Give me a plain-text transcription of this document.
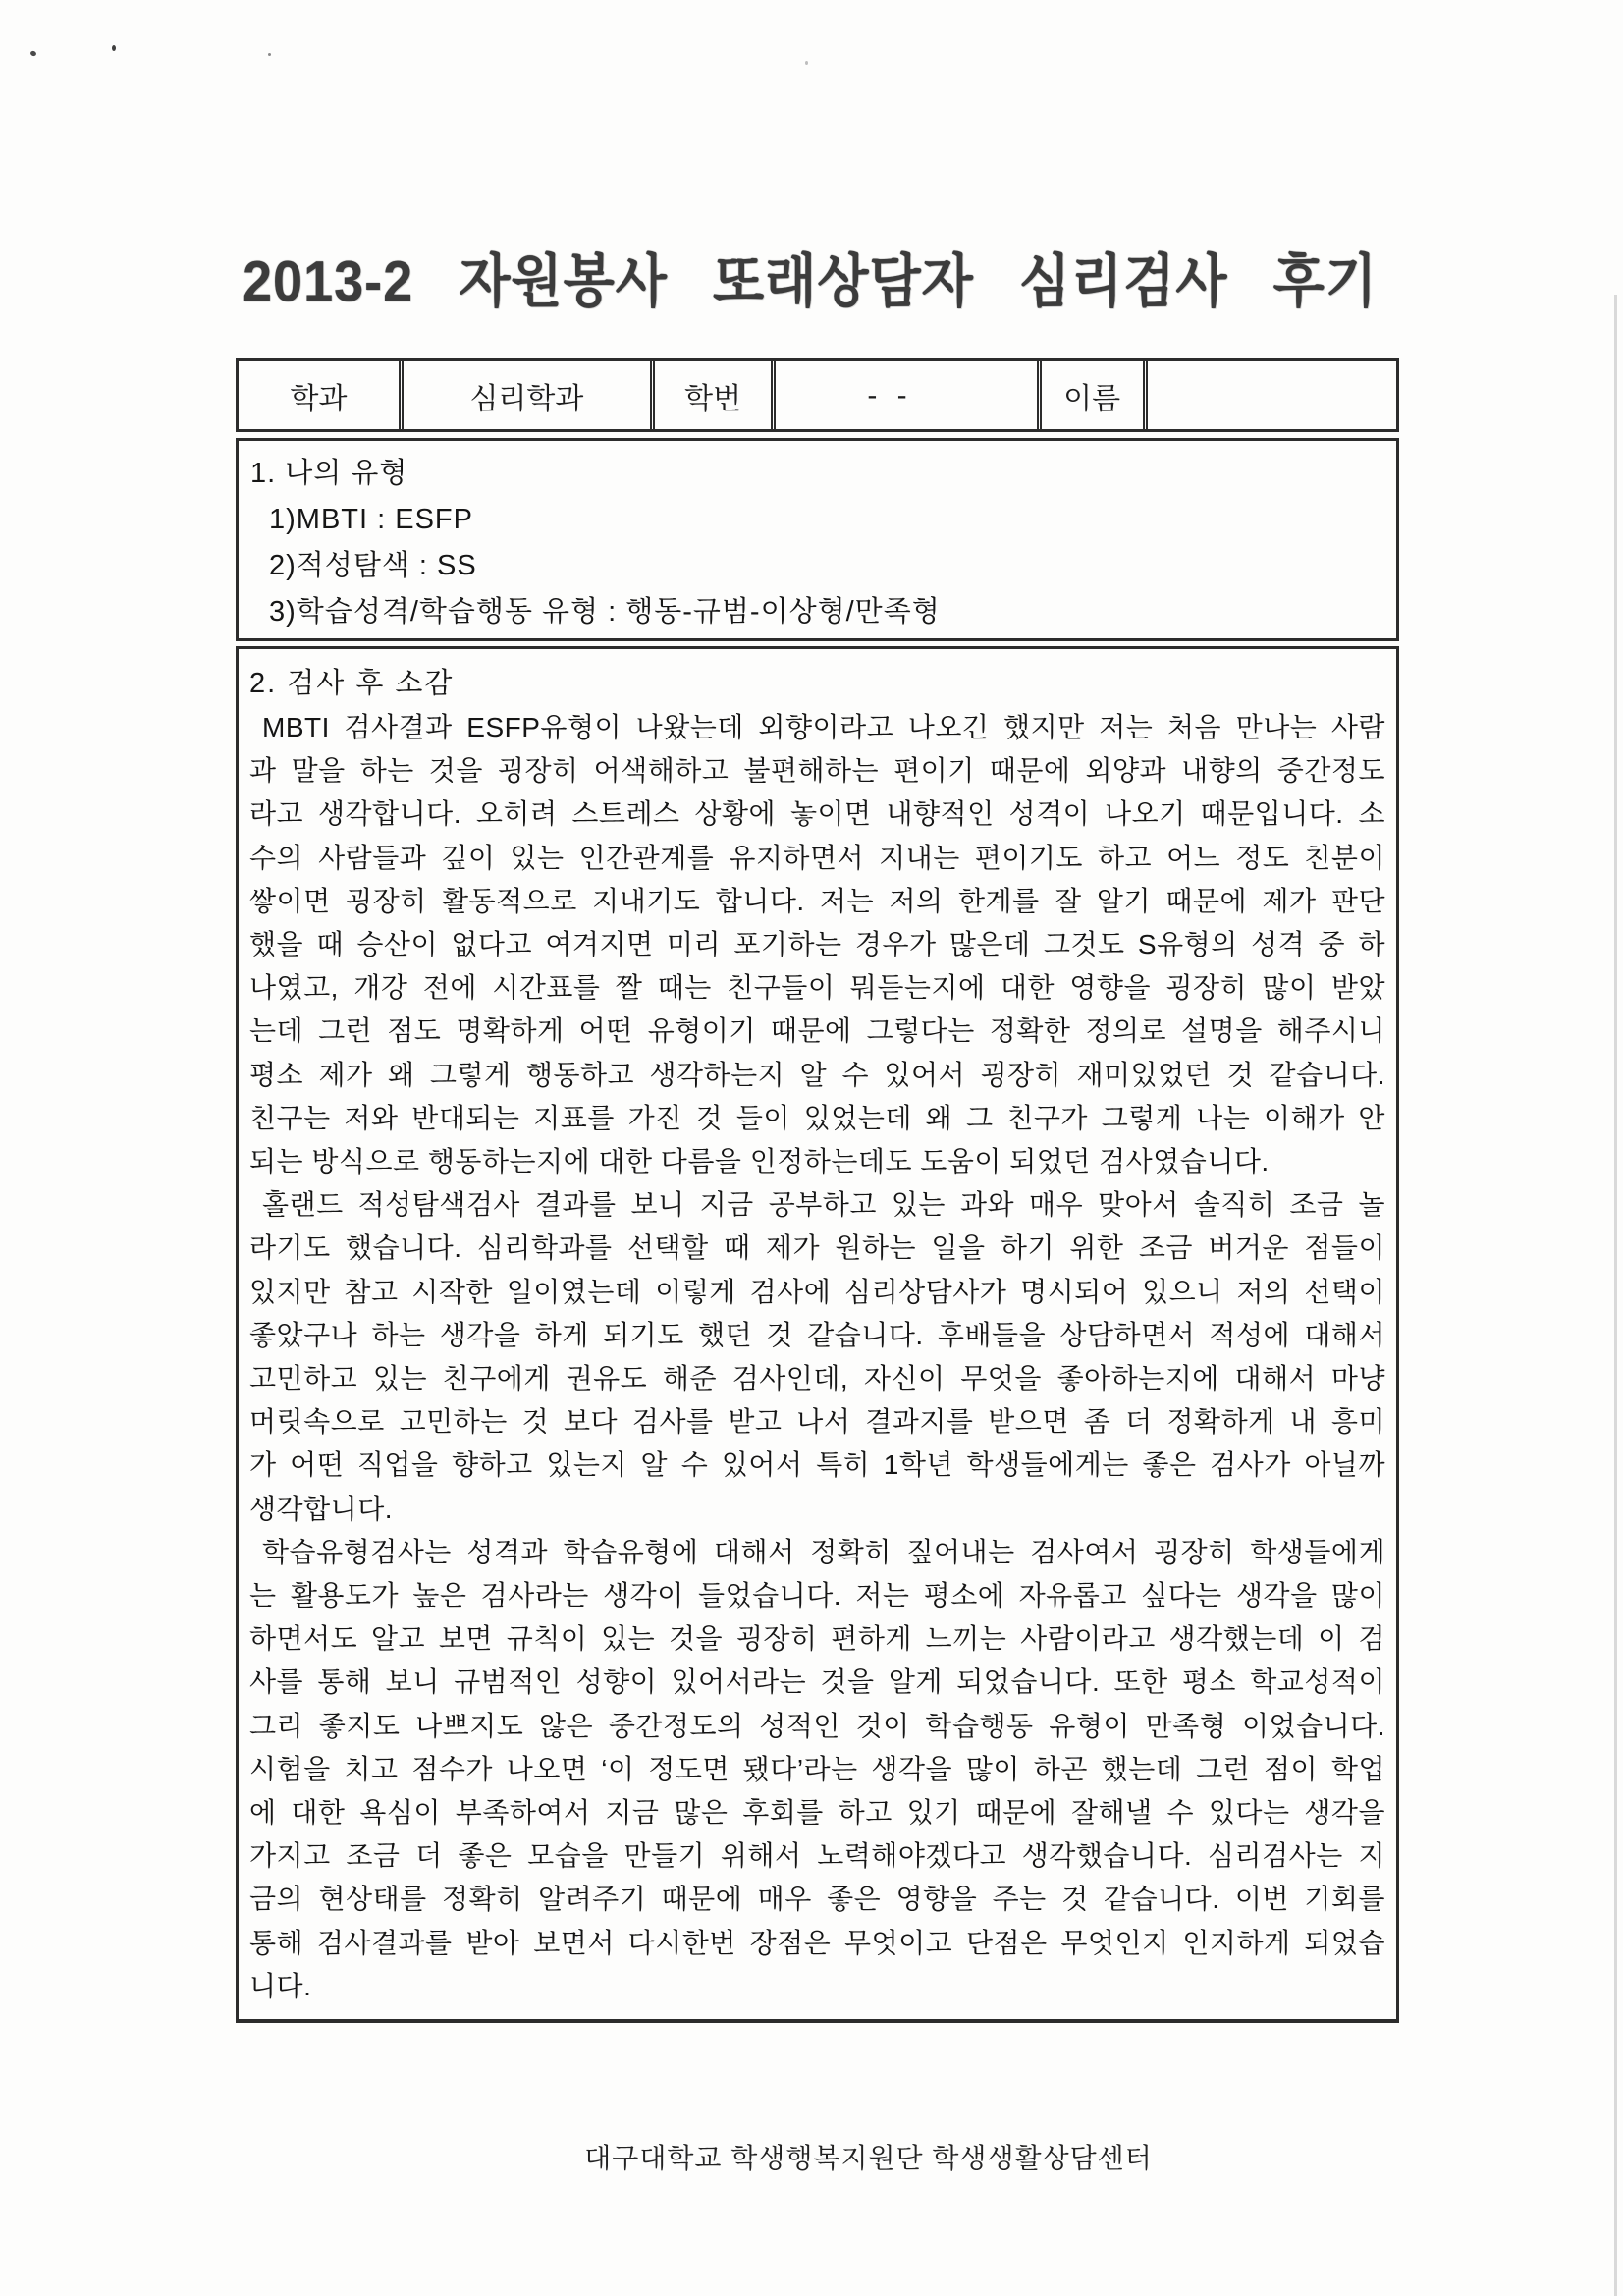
2013-2 자원봉사 또래상담자 심리검사 후기
학과	심리학과	학번	- -	이름	
1. 나의 유형
1)MBTI : ESFP
2)적성탐색 : SS
3)학습성격/학습행동 유형 : 행동-규범-이상형/만족형
2. 검사 후 소감
MBTI 검사결과 ESFP유형이 나왔는데 외향이라고 나오긴 했지만 저는 처음 만나는 사람
과 말을 하는 것을 굉장히 어색해하고 불편해하는 편이기 때문에 외양과 내향의 중간정도
라고 생각합니다. 오히려 스트레스 상황에 놓이면 내향적인 성격이 나오기 때문입니다. 소
수의 사람들과 깊이 있는 인간관계를 유지하면서 지내는 편이기도 하고 어느 정도 친분이
쌓이면 굉장히 활동적으로 지내기도 합니다. 저는 저의 한계를 잘 알기 때문에 제가 판단
했을 때 승산이 없다고 여겨지면 미리 포기하는 경우가 많은데 그것도 S유형의 성격 중 하
나였고, 개강 전에 시간표를 짤 때는 친구들이 뭐듣는지에 대한 영향을 굉장히 많이 받았
는데 그런 점도 명확하게 어떤 유형이기 때문에 그렇다는 정확한 정의로 설명을 해주시니
평소 제가 왜 그렇게 행동하고 생각하는지 알 수 있어서 굉장히 재미있었던 것 같습니다.
친구는 저와 반대되는 지표를 가진 것 들이 있었는데 왜 그 친구가 그렇게 나는 이해가 안
되는 방식으로 행동하는지에 대한 다름을 인정하는데도 도움이 되었던 검사였습니다.
홀랜드 적성탐색검사 결과를 보니 지금 공부하고 있는 과와 매우 맞아서 솔직히 조금 놀
라기도 했습니다. 심리학과를 선택할 때 제가 원하는 일을 하기 위한 조금 버거운 점들이
있지만 참고 시작한 일이였는데 이렇게 검사에 심리상담사가 명시되어 있으니 저의 선택이
좋았구나 하는 생각을 하게 되기도 했던 것 같습니다. 후배들을 상담하면서 적성에 대해서
고민하고 있는 친구에게 권유도 해준 검사인데, 자신이 무엇을 좋아하는지에 대해서 마냥
머릿속으로 고민하는 것 보다 검사를 받고 나서 결과지를 받으면 좀 더 정확하게 내 흥미
가 어떤 직업을 향하고 있는지 알 수 있어서 특히 1학년 학생들에게는 좋은 검사가 아닐까
생각합니다.
학습유형검사는 성격과 학습유형에 대해서 정확히 짚어내는 검사여서 굉장히 학생들에게
는 활용도가 높은 검사라는 생각이 들었습니다. 저는 평소에 자유롭고 싶다는 생각을 많이
하면서도 알고 보면 규칙이 있는 것을 굉장히 편하게 느끼는 사람이라고 생각했는데 이 검
사를 통해 보니 규범적인 성향이 있어서라는 것을 알게 되었습니다. 또한 평소 학교성적이
그리 좋지도 나쁘지도 않은 중간정도의 성적인 것이 학습행동 유형이 만족형 이었습니다.
시험을 치고 점수가 나오면 ‘이 정도면 됐다’라는 생각을 많이 하곤 했는데 그런 점이 학업
에 대한 욕심이 부족하여서 지금 많은 후회를 하고 있기 때문에 잘해낼 수 있다는 생각을
가지고 조금 더 좋은 모습을 만들기 위해서 노력해야겠다고 생각했습니다. 심리검사는 지
금의 현상태를 정확히 알려주기 때문에 매우 좋은 영향을 주는 것 같습니다. 이번 기회를
통해 검사결과를 받아 보면서 다시한번 장점은 무엇이고 단점은 무엇인지 인지하게 되었습
니다.
대구대학교 학생행복지원단 학생생활상담센터
